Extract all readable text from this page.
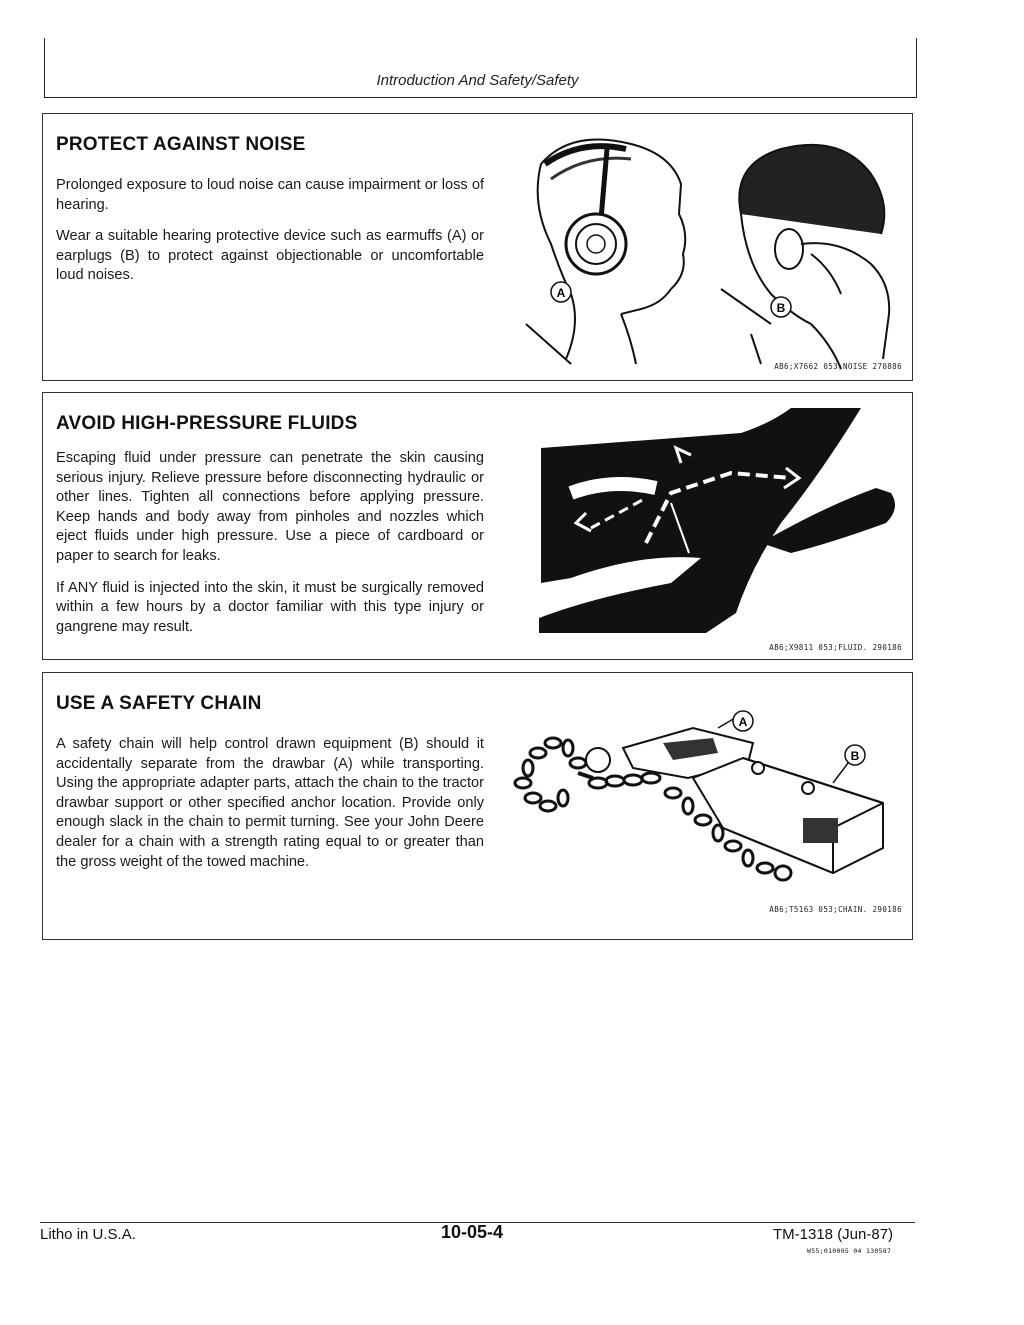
Introduction And Safety/Safety
PROTECT AGAINST NOISE

Prolonged exposure to loud noise can cause impairment or loss of hearing.

Wear a suitable hearing protective device such as earmuffs (A) or earplugs (B) to protect against objectionable or uncomfortable loud noises.

A
B
AB6;X7662 053;NOISE 270886
AVOID HIGH-PRESSURE FLUIDS

Escaping fluid under pressure can penetrate the skin causing serious injury. Relieve pressure before disconnecting hydraulic or other lines. Tighten all connections before applying pressure. Keep hands and body away from pinholes and nozzles which eject fluids under high pressure. Use a piece of cardboard or paper to search for leaks.

If ANY fluid is injected into the skin, it must be surgically removed within a few hours by a doctor familiar with this type injury or gangrene may result.

AB6;X9811 053;FLUID. 290186
USE A SAFETY CHAIN

A safety chain will help control drawn equipment (B) should it accidentally separate from the drawbar (A) while transporting. Using the appropriate adapter parts, attach the chain to the tractor drawbar support or other specified anchor location. Provide only enough slack in the chain to permit turning. See your John Deere dealer for a chain with a strength rating equal to or greater than the gross weight of the towed machine.

A
B
AB6;T5163 053;CHAIN. 290186
Litho in U.S.A.	10-05-4	TM-1318 (Jun-87)
W55;010005 04 130587
